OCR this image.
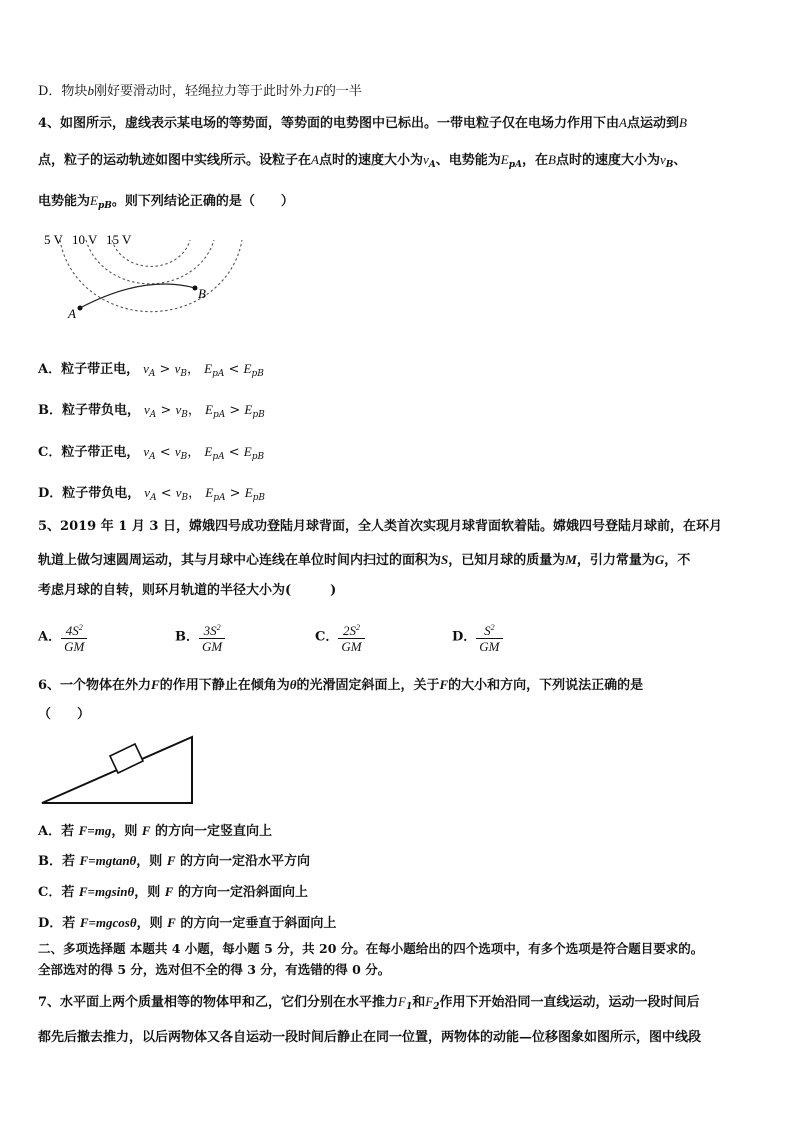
D．物块b刚好要滑动时，轻绳拉力等于此时外力F的一半
4、如图所示，虚线表示某电场的等势面，等势面的电势图中已标出。一带电粒子仅在电场力作用下由A点运动到B
点，粒子的运动轨迹如图中实线所示。设粒子在A点时的速度大小为$v_A$、电势能为$E_{pA}$，在B点时的速度大小为$v_B$、
电势能为$E_{pB}$。则下列结论正确的是（　　）
5 V 10 V 15 V
A
B
A．粒子带正电， $v_A > v_B$， $E_{pA} < E_{pB}$
B．粒子带负电， $v_A > v_B$， $E_{pA} > E_{pB}$
C．粒子带正电， $v_A < v_B$， $E_{pA} < E_{pB}$
D．粒子带负电， $v_A < v_B$， $E_{pA} > E_{pB}$
5、2019 年 1 月 3 日，嫦娥四号成功登陆月球背面，全人类首次实现月球背面软着陆。嫦娥四号登陆月球前，在环月
轨道上做匀速圆周运动，其与月球中心连线在单位时间内扫过的面积为S，已知月球的质量为M，引力常量为G，不
考虑月球的自转，则环月轨道的半径大小为(　　　)
A． $\frac{4S^2}{GM}$	B． $\frac{3S^2}{GM}$	C． $\frac{2S^2}{GM}$	D． $\frac{S^2}{GM}$
6、一个物体在外力F的作用下静止在倾角为θ的光滑固定斜面上，关于F的大小和方向，下列说法正确的是
（　　）
A．若 F=mg，则 F 的方向一定竖直向上
B．若 F=mgtanθ，则 F 的方向一定沿水平方向
C．若 F=mgsinθ，则 F 的方向一定沿斜面向上
D．若 F=mgcosθ，则 F 的方向一定垂直于斜面向上
二、多项选择题 本题共 4 小题，每小题 5 分，共 20 分。在每小题给出的四个选项中，有多个选项是符合题目要求的。
全部选对的得 5 分，选对但不全的得 3 分，有选错的得 0 分。
7、水平面上两个质量相等的物体甲和乙，它们分别在水平推力$F_1$和$F_2$作用下开始沿同一直线运动，运动一段时间后
都先后撤去推力，以后两物体又各自运动一段时间后静止在同一位置，两物体的动能—位移图象如图所示，图中线段
